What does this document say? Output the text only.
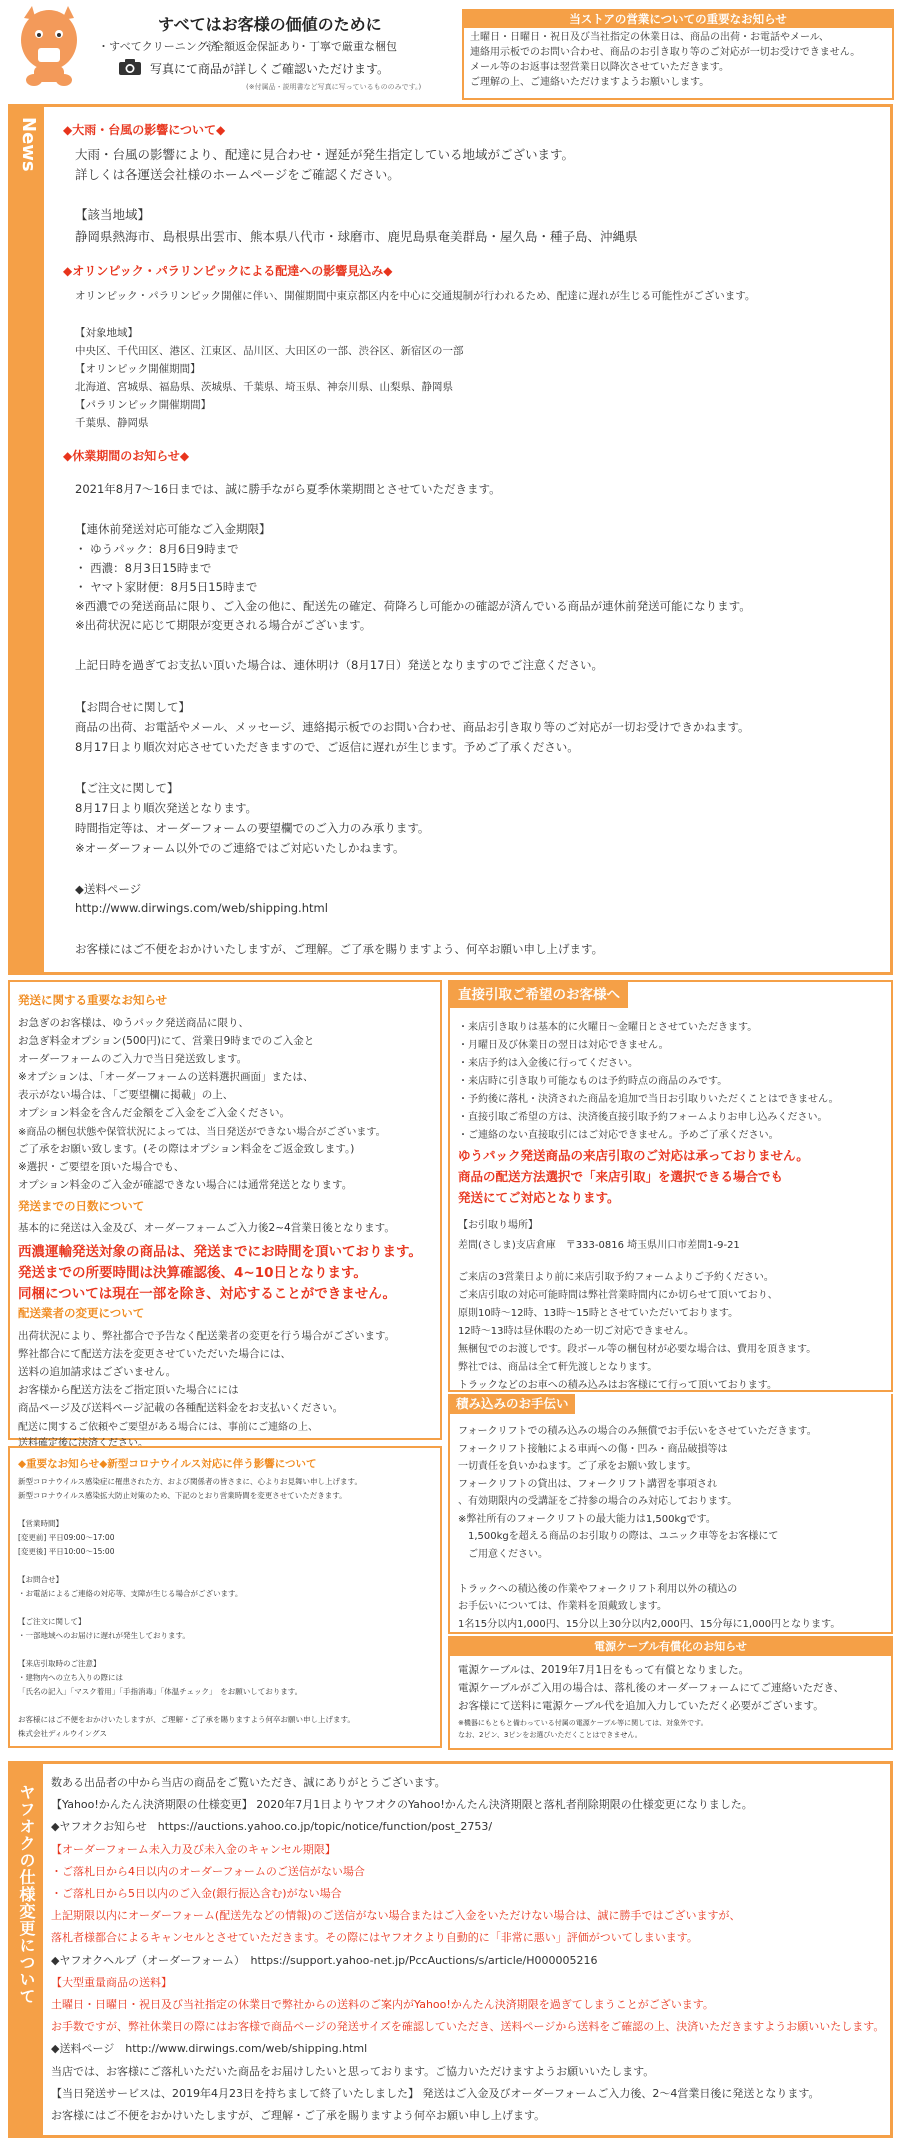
すべてはお客様の価値のために
・すべてクリーニング済
・全額返金保証あり
・丁寧で厳重な梱包
写真にて商品が詳しくご確認いただけます。
(※付属品・説明書など写真に写っているもののみです。)
当ストアの営業についての重要なお知らせ
土曜日・日曜日・祝日及び当社指定の休業日は、商品の出荷・お電話やメール、
連絡用示板でのお問い合わせ、商品のお引き取り等のご対応が一切お受けできません。
メール等のお返事は翌営業日以降次させていただきます。
ご理解の上、ご連絡いただけますようお願いします。
News ◆大雨・台風の影響について◆
大雨・台風の影響により、配達に見合わせ・遅延が発生指定している地域がございます。
詳しくは各運送会社様のホームページをご確認ください。
【該当地域】
静岡県熱海市、島根県出雲市、熊本県八代市・球磨市、鹿児島県奄美群島・屋久島・種子島、沖縄県
◆オリンピック・パラリンピックによる配達への影響見込み◆
オリンピック・パラリンピック開催に伴い、開催期間中東京都区内を中心に交通規制が行われるため、配達に遅れが生じる可能性がございます。
【対象地域】
中央区、千代田区、港区、江東区、品川区、大田区の一部、渋谷区、新宿区の一部
【オリンピック開催期間】
北海道、宮城県、福島県、茨城県、千葉県、埼玉県、神奈川県、山梨県、静岡県
【パラリンピック開催期間】
千葉県、静岡県
◆休業期間のお知らせ◆
2021年8月7〜16日までは、誠に勝手ながら夏季休業期間とさせていただきます。
【連休前発送対応可能なご入金期限】
・ ゆうパック：8月6日9時まで
・ 西濃：8月3日15時まで
・ ヤマト家財便：8月5日15時まで
※西濃での発送商品に限り、ご入金の他に、配送先の確定、荷降ろし可能かの確認が済んでいる商品が連休前発送可能になります。
※出荷状況に応じて期限が変更される場合がございます。
上記日時を過ぎてお支払い頂いた場合は、連休明け（8月17日）発送となりますのでご注意ください。
【お問合せに関して】
商品の出荷、お電話やメール、メッセージ、連絡掲示板でのお問い合わせ、商品お引き取り等のご対応が一切お受けできかねます。
8月17日より順次対応させていただきますので、ご返信に遅れが生じます。予めご了承ください。
【ご注文に関して】
8月17日より順次発送となります。
時間指定等は、オーダーフォームの要望欄でのご入力のみ承ります。
※オーダーフォーム以外でのご連絡ではご対応いたしかねます。
◆送料ページ
http://www.dirwings.com/web/shipping.html
お客様にはご不便をおかけいたしますが、ご理解。ご了承を賜りますよう、何卒お願い申し上げます。
発送に関する重要なお知らせ
お急ぎのお客様は、ゆうパック発送商品に限り、
お急ぎ料金オプション(500円)にて、営業日9時までのご入金と
オーダーフォームのご入力で当日発送致します。
※オプションは、「オーダーフォームの送料選択画面」または、
表示がない場合は、「ご要望欄に掲載」の上、
オプション料金を含んだ金額をご入金をご入金ください。
※商品の梱包状態や保管状況によっては、当日発送ができない場合がございます。
ご了承をお願い致します。(その際はオプション料金をご返金致します。)
※選択・ご要望を頂いた場合でも、
オプション料金のご入金が確認できない場合には通常発送となります。
発送までの日数について
基本的に発送は入金及び、オーダーフォームご入力後2~4営業日後となります。
西濃運輸発送対象の商品は、発送までにお時間を頂いております。
発送までの所要時間は決算確認後、4~10日となります。
同梱については現在一部を除き、対応することができません。
配送業者の変更について
出荷状況により、弊社都合で予告なく配送業者の変更を行う場合がございます。
弊社都合にて配送方法を変更させていただいた場合には、
送料の追加請求はございません。
お客様から配送方法をご指定頂いた場合にには
商品ページ及び送料ページ記載の各種配送料金をお支払いください。
配送に関するご依頼やご要望がある場合には、事前にご連絡の上、
送料確定後に決済ください。
◆重要なお知らせ◆新型コロナウイルス対応に伴う影響について
新型コロナウイルス感染症に罹患された方、および関係者の皆さまに、心よりお見舞い申し上げます。
新型コロナウイルス感染拡大防止対策のため、下記のとおり営業時間を変更させていただきます。
【営業時間】
[変更前] 平日09:00〜17:00
[変更後] 平日10:00〜15:00
【お問合せ】
・お電話によるご連絡の対応等、支障が生じる場合がございます。
【ご注文に関して】
・一部地域へのお届けに遅れが発生しております。
【来店引取時のご注意】
・建物内への立ち入りの際には
「氏名の記入」「マスク着用」「手指消毒」「体温チェック」　をお願いしております。
お客様にはご不便をおかけいたしますが、ご理解・ご了承を賜りますよう何卒お願い申し上げます。
株式会社ディルウイングス
直接引取ご希望のお客様へ
・来店引き取りは基本的に火曜日〜金曜日とさせていただきます。
・月曜日及び休業日の翌日は対応できません。
・来店予約は入金後に行ってください。
・来店時に引き取り可能なものは予約時点の商品のみです。
・予約後に落札・決済された商品を追加で当日お引取りいただくことはできません。
・直接引取ご希望の方は、決済後直接引取予約フォームよりお申し込みください。
・ご連絡のない直接取引にはご対応できません。予めご了承ください。
ゆうパック発送商品の来店引取のご対応は承っておりません。
商品の配送方法選択で「来店引取」を選択できる場合でも
発送にてご対応となります。
【お引取り場所】
差間(さしま)支店倉庫　〒333-0816 埼玉県川口市差間1-9-21
ご来店の3営業日より前に来店引取予約フォームよりご予約ください。
ご来店引取の対応可能時間は弊社営業時間内にか切らせて頂いており、
原則10時〜12時、13時〜15時とさせていただいております。
12時〜13時は昼休暇のため一切ご対応できません。
無梱包でのお渡しです。段ボール等の梱包材が必要な場合は、費用を頂きます。
弊社では、商品は全て軒先渡しとなります。
トラックなどのお車への積み込みはお客様にて行って頂いております。
積み込みのお手伝い
フォークリフトでの積み込みの場合のみ無償でお手伝いをさせていただきます。
フォークリフト接触による車両への傷・凹み・商品破損等は
一切責任を負いかねます。ご了承をお願い致します。
フォークリフトの貸出は、フォークリフト講習を事項され
、有効期限内の受講証をご持参の場合のみ対応しております。
※弊社所有のフォークリフトの最大能力は1,500kgです。
　1,500kgを超える商品のお引取りの際は、ユニック車等をお客様にて
　ご用意ください。
トラックへの積込後の作業やフォークリフト利用以外の積込の
お手伝いについては、作業料を頂戴致します。
1名15分以内1,000円、15分以上30分以内2,000円、15分毎に1,000円となります。
電源ケーブル有償化のお知らせ
電源ケーブルは、2019年7月1日をもって有償となりました。
電源ケーブルがご入用の場合は、落札後のオーダーフォームにてご連絡いただき、
お客様にて送料に電源ケーブル代を追加入力していただく必要がございます。
※機器にもともと備わっている付属の電源ケーブル等に関しては、対象外です。
なお、2ピン、3ピンをお選びいただくことはできません。
ヤフオクの仕様変更について
数ある出品者の中から当店の商品をご覧いただき、誠にありがとうございます。
【Yahoo!かんたん決済期限の仕様変更】 2020年7月1日よりヤフオクのYahoo!かんたん決済期限と落札者削除期限の仕様変更になりました。
◆ヤフオクお知らせ　https://auctions.yahoo.co.jp/topic/notice/function/post_2753/
【オーダーフォーム未入力及び未入金のキャンセル期限】
・ご落札日から4日以内のオーダーフォームのご送信がない場合
・ご落札日から5日以内のご入金(銀行振込含む)がない場合
上記期限以内にオーダーフォーム(配送先などの情報)のご送信がない場合またはご入金をいただけない場合は、誠に勝手ではございますが、
落札者様都合によるキャンセルとさせていただきます。その際にはヤフオクより自動的に「非常に悪い」評価がついてしまいます。
◆ヤフオクヘルプ（オーダーフォーム）　https://support.yahoo-net.jp/PccAuctions/s/article/H000005216
【大型重量商品の送料】
土曜日・日曜日・祝日及び当社指定の休業日で弊社からの送料のご案内がYahoo!かんたん決済期限を過ぎてしまうことがございます。
お手数ですが、弊社休業日の際にはお客様で商品ページの発送サイズを確認していただき、送料ページから送料をご確認の上、決済いただきますようお願いいたします。
◆送料ページ　http://www.dirwings.com/web/shipping.html
当店では、お客様にご落札いただいた商品をお届けしたいと思っております。ご協力いただけますようお願いいたします。
【当日発送サービスは、2019年4月23日を持ちまして終了いたしました】 発送はご入金及びオーダーフォームご入力後、2〜4営業日後に発送となります。
お客様にはご不便をおかけいたしますが、ご理解・ご了承を賜りますよう何卒お願い申し上げます。
